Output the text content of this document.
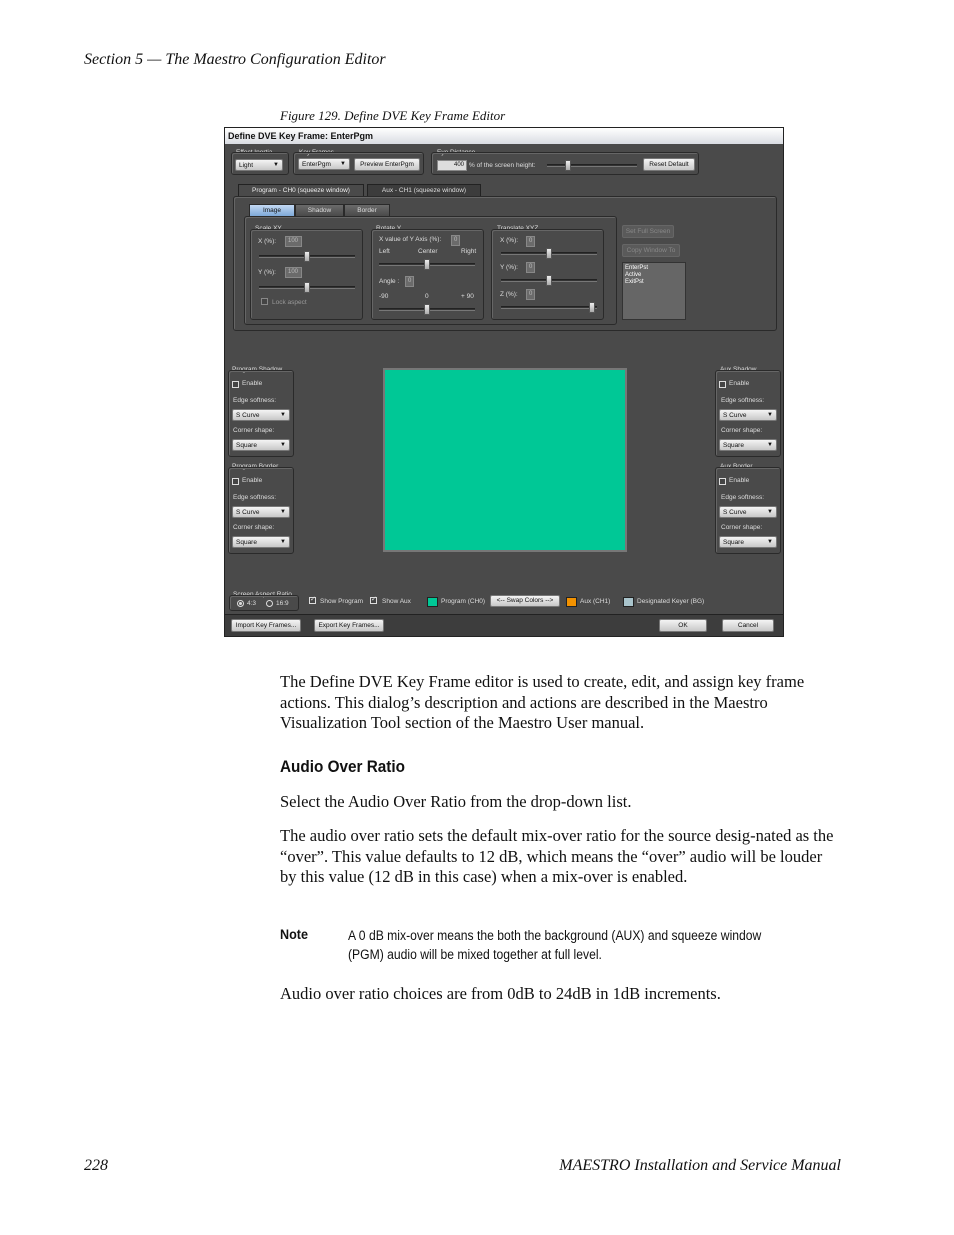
Section 5 — The Maestro Configuration Editor
Figure 129. Define DVE Key Frame Editor
Define DVE Key Frame: EnterPgm
Effect Inertia
Light	▼
Key Frames
EnterPgm ▼	Preview EnterPgm
Eye Distance
400 % of the screen height:	Reset Default
Program - CH0 (squeeze window)	Aux - CH1 (squeeze window)
Image	Shadow	Border
Scale XY
X (%):	100
Y (%):	100
Lock aspect
Rotate Y
X value of Y Axis (%):	0
Left	Center	Right
Angle :	0
-90	0	+ 90
Translate XYZ
X (%):	0
Y (%):	0
Z (%):	0
Set Full Screen
Copy Window To
EnterPst
Active
ExitPst
Program Shadow
Enable
Edge softness:
S Curve	▼
Corner shape:
Square	▼
Program Border
Enable
Edge softness:
S Curve	▼
Corner shape:
Square	▼
Aux Shadow
Enable
Edge softness:
S Curve	▼
Corner shape:
Square	▼
Aux Border
Enable
Edge softness:
S Curve	▼
Corner shape:
Square	▼
Screen Aspect Ratio
4:3	16:9
✓ Show Program ✓ Show Aux	Program (CH0)	<-- Swap Colors -->	Aux (CH1)	Designated Keyer (BG)
Import Key Frames...	Export Key Frames...	OK	Cancel
The Define DVE Key Frame editor is used to create, edit, and assign key frame actions. This dialog’s description and actions are described in the Maestro Visualization Tool section of the Maestro User manual.
Audio Over Ratio
Select the Audio Over Ratio from the drop-down list.
The audio over ratio sets the default mix-over ratio for the source desig-nated as the “over”. This value defaults to 12 dB, which means the “over” audio will be louder by this value (12 dB in this case) when a mix-over is enabled.
Note	A 0 dB mix-over means the both the background (AUX) and squeeze window (PGM) audio will be mixed together at full level.
Audio over ratio choices are from 0dB to 24dB in 1dB increments.
228	MAESTRO Installation and Service Manual
